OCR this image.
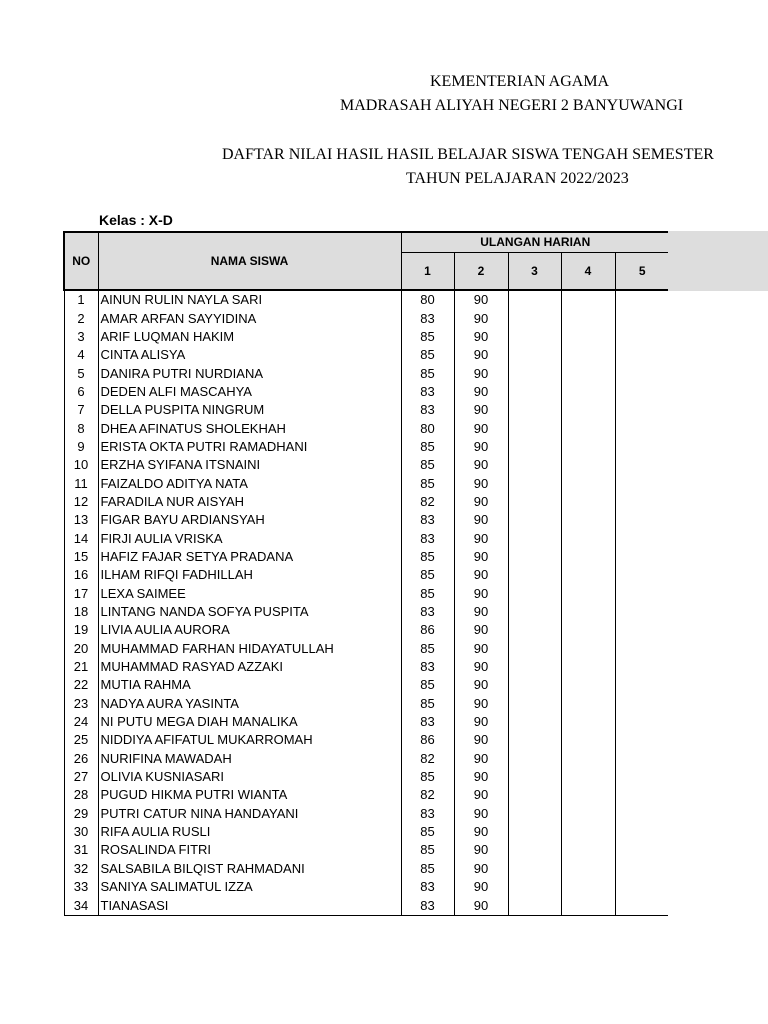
KEMENTERIAN AGAMA
MADRASAH ALIYAH NEGERI 2 BANYUWANGI
DAFTAR NILAI HASIL HASIL BELAJAR SISWA TENGAH SEMESTER
TAHUN PELAJARAN 2022/2023
Kelas : X-D
NO	NAMA SISWA	ULANGAN HARIAN				
		1	2	3	4	5
1	AINUN RULIN NAYLA SARI	80	90			
2	AMAR ARFAN SAYYIDINA	83	90			
3	ARIF LUQMAN HAKIM	85	90			
4	CINTA ALISYA	85	90			
5	DANIRA PUTRI NURDIANA	85	90			
6	DEDEN ALFI MASCAHYA	83	90			
7	DELLA PUSPITA NINGRUM	83	90			
8	DHEA AFINATUS SHOLEKHAH	80	90			
9	ERISTA OKTA PUTRI RAMADHANI	85	90			
10	ERZHA SYIFANA ITSNAINI	85	90			
11	FAIZALDO ADITYA NATA	85	90			
12	FARADILA NUR AISYAH	82	90			
13	FIGAR BAYU ARDIANSYAH	83	90			
14	FIRJI AULIA VRISKA	83	90			
15	HAFIZ FAJAR SETYA PRADANA	85	90			
16	ILHAM RIFQI FADHILLAH	85	90			
17	LEXA SAIMEE	85	90			
18	LINTANG NANDA SOFYA PUSPITA	83	90			
19	LIVIA AULIA AURORA	86	90			
20	MUHAMMAD FARHAN HIDAYATULLAH	85	90			
21	MUHAMMAD RASYAD AZZAKI	83	90			
22	MUTIA RAHMA	85	90			
23	NADYA AURA YASINTA	85	90			
24	NI PUTU MEGA DIAH MANALIKA	83	90			
25	NIDDIYA AFIFATUL MUKARROMAH	86	90			
26	NURIFINA MAWADAH	82	90			
27	OLIVIA KUSNIASARI	85	90			
28	PUGUD HIKMA PUTRI WIANTA	82	90			
29	PUTRI CATUR NINA HANDAYANI	83	90			
30	RIFA AULIA RUSLI	85	90			
31	ROSALINDA FITRI	85	90			
32	SALSABILA BILQIST RAHMADANI	85	90			
33	SANIYA SALIMATUL IZZA	83	90			
34	TIANASASI	83	90			
